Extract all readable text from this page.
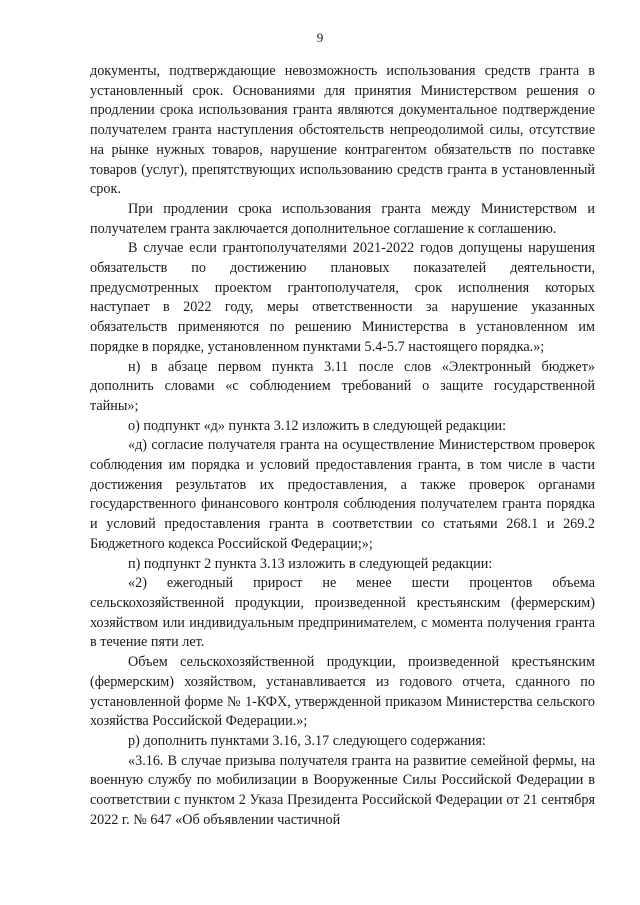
9

документы, подтверждающие невозможность использования средств гранта в установленный срок. Основаниями для принятия Министерством решения о продлении срока использования гранта являются документальное подтверждение получателем гранта наступления обстоятельств непреодолимой силы, отсутствие на рынке нужных товаров, нарушение контрагентом обязательств по поставке товаров (услуг), препятствующих использованию средств гранта в установленный срок.

При продлении срока использования гранта между Министерством и получателем гранта заключается дополнительное соглашение к соглашению.

В случае если грантополучателями 2021-2022 годов допущены нарушения обязательств по достижению плановых показателей деятельности, предусмотренных проектом грантополучателя, срок исполнения которых наступает в 2022 году, меры ответственности за нарушение указанных обязательств применяются по решению Министерства в установленном им порядке в порядке, установленном пунктами 5.4-5.7 настоящего порядка.»;

н) в абзаце первом пункта 3.11 после слов «Электронный бюджет» дополнить словами «с соблюдением требований о защите государственной тайны»;

о) подпункт «д» пункта 3.12 изложить в следующей редакции:

«д) согласие получателя гранта на осуществление Министерством проверок соблюдения им порядка и условий предоставления гранта, в том числе в части достижения результатов их предоставления, а также проверок органами государственного финансового контроля соблюдения получателем гранта порядка и условий предоставления гранта в соответствии со статьями 268.1 и 269.2 Бюджетного кодекса Российской Федерации;»;

п) подпункт 2 пункта 3.13 изложить в следующей редакции:

«2) ежегодный прирост не менее шести процентов объема сельскохозяйственной продукции, произведенной крестьянским (фермерским) хозяйством или индивидуальным предпринимателем, с момента получения гранта в течение пяти лет.

Объем сельскохозяйственной продукции, произведенной крестьянским (фермерским) хозяйством, устанавливается из годового отчета, сданного по установленной форме № 1-КФХ, утвержденной приказом Министерства сельского хозяйства Российской Федерации.»;

р) дополнить пунктами 3.16, 3.17 следующего содержания:

«3.16. В случае призыва получателя гранта на развитие семейной фермы, на военную службу по мобилизации в Вооруженные Силы Российской Федерации в соответствии с пунктом 2 Указа Президента Российской Федерации от 21 сентября 2022 г. № 647 «Об объявлении частичной
